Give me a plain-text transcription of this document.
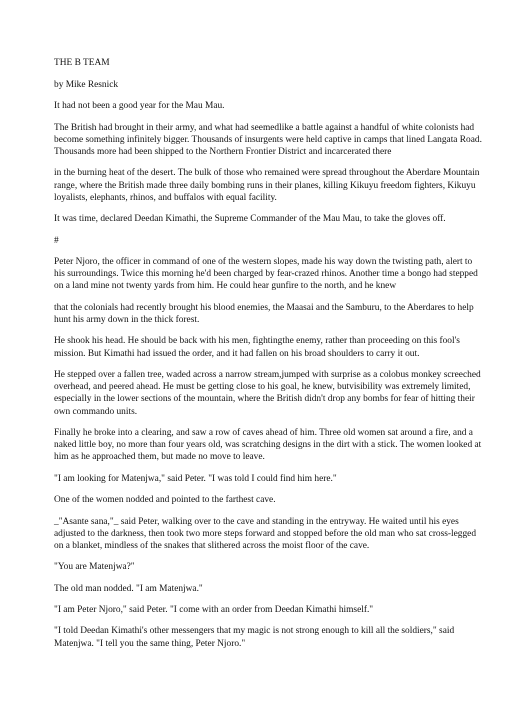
THE B TEAM

by Mike Resnick

It had not been a good year for the Mau Mau.

The British had brought in their army, and what had seemedlike a battle against a handful of white colonists had become something infinitely bigger. Thousands of insurgents were held captive in camps that lined Langata Road. Thousands more had been shipped to the Northern Frontier District and incarcerated there

in the burning heat of the desert. The bulk of those who remained were spread throughout the Aberdare Mountain range, where the British made three daily bombing runs in their planes, killing Kikuyu freedom fighters, Kikuyu loyalists, elephants, rhinos, and buffalos with equal facility.

It was time, declared Deedan Kimathi, the Supreme Commander of the Mau Mau, to take the gloves off.

#

Peter Njoro, the officer in command of one of the western slopes, made his way down the twisting path, alert to his surroundings. Twice this morning he'd been charged by fear-crazed rhinos. Another time a bongo had stepped on a land mine not twenty yards from him. He could hear gunfire to the north, and he knew

that the colonials had recently brought his blood enemies, the Maasai and the Samburu, to the Aberdares to help hunt his army down in the thick forest.

He shook his head. He should be back with his men, fightingthe enemy, rather than proceeding on this fool's mission. But Kimathi had issued the order, and it had fallen on his broad shoulders to carry it out.

He stepped over a fallen tree, waded across a narrow stream,jumped with surprise as a colobus monkey screeched overhead, and peered ahead. He must be getting close to his goal, he knew, butvisibility was extremely limited, especially in the lower sections of the mountain, where the British didn't drop any bombs for fear of hitting their own commando units.

Finally he broke into a clearing, and saw a row of caves ahead of him. Three old women sat around a fire, and a naked little boy, no more than four years old, was scratching designs in the dirt with a stick. The women looked at him as he approached them, but made no move to leave.

"I am looking for Matenjwa," said Peter. "I was told I could find him here."

One of the women nodded and pointed to the farthest cave.

_"Asante sana,"_ said Peter, walking over to the cave and standing in the entryway. He waited until his eyes adjusted to the darkness, then took two more steps forward and stopped before the old man who sat cross-legged on a blanket, mindless of the snakes that slithered across the moist floor of the cave.

"You are Matenjwa?"

The old man nodded. "I am Matenjwa."

"I am Peter Njoro," said Peter. "I come with an order from Deedan Kimathi himself."

"I told Deedan Kimathi's other messengers that my magic is not strong enough to kill all the soldiers," said Matenjwa. "I tell you the same thing, Peter Njoro."
